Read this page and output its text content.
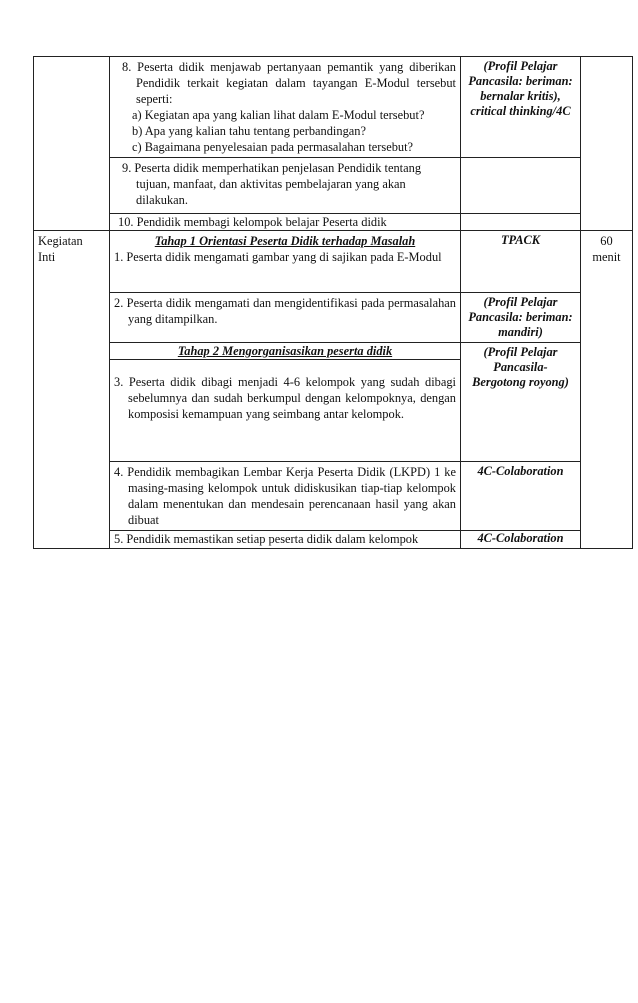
	8. Peserta didik menjawab pertanyaan pemantik yang diberikan Pendidik terkait kegiatan dalam tayangan E-Modul tersebut seperti:
a) Kegiatan apa yang kalian lihat dalam E-Modul tersebut?
b) Apa yang kalian tahu tentang perbandingan?
c) Bagaimana penyelesaian pada permasalahan tersebut?	(Profil Pelajar Pancasila: beriman: bernalar kritis), critical thinking/4C	

	9. Peserta didik memperhatikan penjelasan Pendidik tentang tujuan, manfaat, dan aktivitas pembelajaran yang akan dilakukan.		

	10. Pendidik membagi kelompok belajar Peserta didik		

Kegiatan Inti	Tahap 1 Orientasi Peserta Didik terhadap Masalah
1. Peserta didik mengamati gambar yang di sajikan pada E-Modul	TPACK	60 menit

	2. Peserta didik mengamati dan mengidentifikasi pada permasalahan yang ditampilkan.	(Profil Pelajar Pancasila: beriman: mandiri)	

	Tahap 2 Mengorganisasikan peserta didik	(Profil Pelajar Pancasila- Bergotong royong)	

	3. Peserta didik dibagi menjadi 4-6 kelompok yang sudah dibagi sebelumnya dan sudah berkumpul dengan kelompoknya, dengan komposisi kemampuan yang seimbang antar kelompok.		

	4. Pendidik membagikan Lembar Kerja Peserta Didik (LKPD) 1 ke masing-masing kelompok untuk didiskusikan tiap-tiap kelompok dalam menentukan dan mendesain perencanaan hasil yang akan dibuat	4C-Colaboration	
	5. Pendidik memastikan setiap peserta didik dalam kelompok	4C-Colaboration	
